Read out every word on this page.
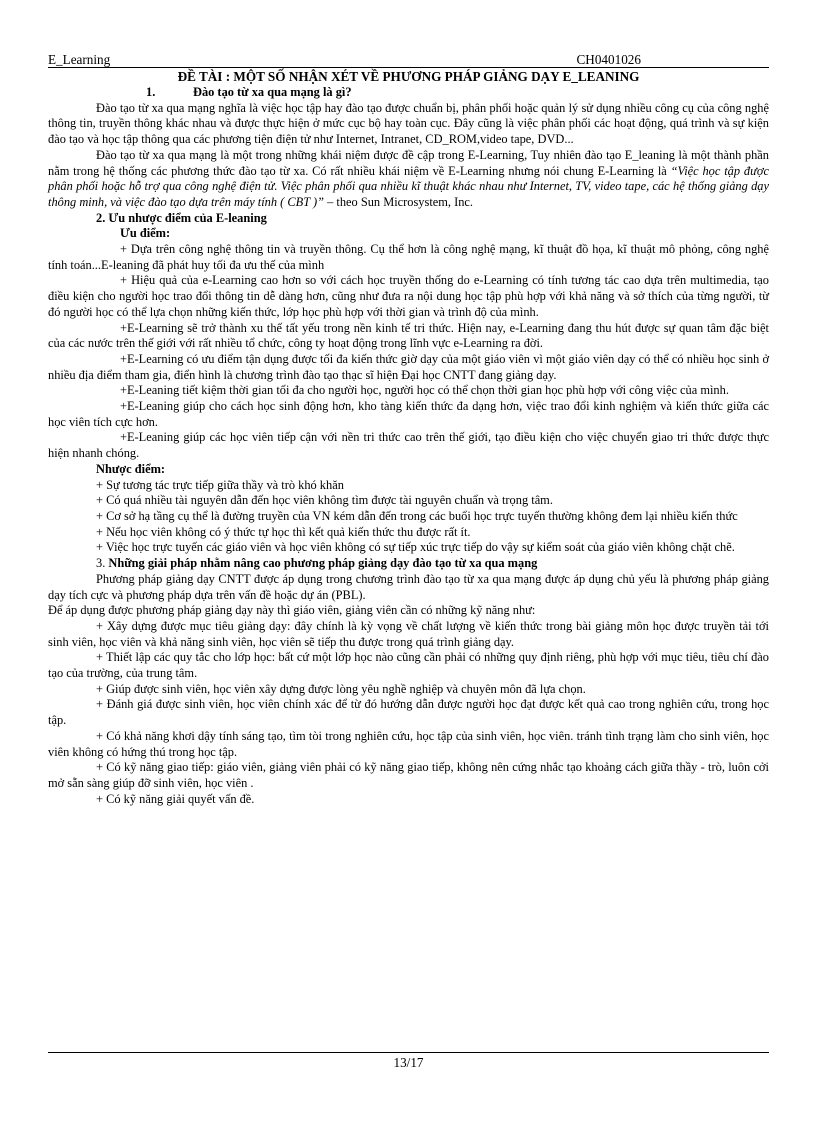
E_Learning	CH0401026
ĐỀ TÀI : MỘT SỐ NHẬN XÉT VỀ PHƯƠNG PHÁP GIẢNG DẠY E_LEANING
1.	Đào tạo từ xa qua mạng là gì?

Đào tạo từ xa qua mạng nghĩa là việc học tập hay đào tạo được chuẩn bị, phân phối hoặc quản lý sử dụng nhiều công cụ của công nghệ thông tin, truyền thông khác nhau và được thực hiện ở mức cục bộ hay toàn cục. Đây cũng là việc phân phối các hoạt động, quá trình và sự kiện đào tạo và học tập thông qua các phương tiện điện tử như Internet, Intranet, CD_ROM,video tape, DVD...

Đào tạo từ xa qua mạng là một trong những khái niệm được đề cập trong E-Learning, Tuy nhiên đào tạo E_leaning là một thành phần nằm trong hệ thống các phương thức đào tạo từ xa. Có rất nhiều khái niệm về E-Learning nhưng nói chung E-Learning là “Việc học tập được phân phối hoặc hỗ trợ qua công nghệ điện tử. Việc phân phối qua nhiều kĩ thuật khác nhau như Internet, TV, video tape, các hệ thống giảng dạy thông minh, và việc đào tạo dựa trên máy tính ( CBT )” – theo Sun Microsystem, Inc.

2. Ưu nhược điểm của E-leaning
Ưu điểm:

+ Dựa trên công nghệ thông tin và truyền thông. Cụ thể hơn là công nghệ mạng, kĩ thuật đồ họa, kĩ thuật mô phỏng, công nghệ tính toán...E-leaning đã phát huy tối đa ưu thế của mình

+ Hiệu quả của e-Learning cao hơn so với cách học truyền thống do e-Learning có tính tương tác cao dựa trên multimedia, tạo điều kiện cho người học trao đổi thông tin dễ dàng hơn, cũng như đưa ra nội dung học tập phù hợp với khả năng và sở thích của từng người, từ đó người học có thể lựa chọn những kiến thức, lớp học phù hợp với thời gian và trình độ của mình.

+E-Learning sẽ trở thành xu thế tất yếu trong nền kinh tế tri thức. Hiện nay, e-Learning đang thu hút được sự quan tâm đặc biệt của các nước trên thế giới với rất nhiều tổ chức, công ty hoạt động trong lĩnh vực e-Learning ra đời.

+E-Learning có ưu điểm tận dụng được tối đa kiến thức giờ dạy của một giáo viên vì một giáo viên dạy có thể có nhiều học sinh ở nhiều địa điểm tham gia, điển hình là chương trình đào tạo thạc sĩ hiện Đại học CNTT đang giảng dạy.

+E-Leaning tiết kiệm thời gian tối đa cho người học, người học có thể chọn thời gian học phù hợp với công việc của mình.

+E-Leaning giúp cho cách học sinh động hơn, kho tàng kiến thức đa dạng hơn, việc trao đổi kinh nghiệm và kiến thức giữa các học viên tích cực hơn.

+E-Leaning giúp các học viên tiếp cận với nền tri thức cao trên thế giới, tạo điều kiện cho việc chuyển giao tri thức được thực hiện nhanh chóng.

Nhược điểm:

+ Sự tương tác trực tiếp giữa thầy và trò khó khăn

+ Có quá nhiều tài nguyên dẫn đến học viên không tìm được tài nguyên chuẩn và trọng tâm.

+ Cơ sở hạ tầng cụ thể là đường truyền của VN kém dẫn đến trong các buổi học trực tuyến thường không đem lại nhiều kiến thức

+ Nếu học viên không có ý thức tự học thì kết quả kiến thức thu được rất ít.

+ Việc học trực tuyến các giáo viên và học viên không có sự tiếp xúc trực tiếp do vậy sự kiểm soát của giáo viên không chặt chẽ.

3. Những giải pháp nhằm nâng cao phương pháp giảng dạy đào tạo từ xa qua mạng

Phương pháp giảng dạy CNTT được áp dụng trong chương trình đào tạo từ xa qua mạng được áp dụng chủ yếu là phương pháp giảng dạy tích cực và phương pháp dựa trên vấn đề hoặc dự án (PBL).

Để áp dụng được phương pháp giảng dạy này thì giáo viên, giảng viên cần có những kỹ năng như:

+ Xây dựng được mục tiêu giảng dạy: đây chính là kỳ vọng về chất lượng về kiến thức trong bài giảng môn học được truyền tải tới sinh viên, học viên và khả năng sinh viên, học viên sẽ tiếp thu được trong quá trình giảng dạy.

+ Thiết lập các quy tắc cho lớp học: bất cứ một lớp học nào cũng cần phải có những quy định riêng, phù hợp với mục tiêu, tiêu chí đào tạo của trường, của trung tâm.

+ Giúp được sinh viên, học viên xây dựng được lòng yêu nghề nghiệp và chuyên môn đã lựa chọn.

+ Đánh giá được sinh viên, học viên chính xác để từ đó hướng dẫn được người học đạt được kết quả cao trong nghiên cứu, trong học tập.

+ Có khả năng khơi dậy tính sáng tạo, tìm tòi trong nghiên cứu, học tập của sinh viên, học viên. tránh tình trạng làm cho sinh viên, học viên không có hứng thú trong học tập.

+ Có kỹ năng giao tiếp: giáo viên, giảng viên phải có kỹ năng giao tiếp, không nên cứng nhắc tạo khoảng cách giữa thầy - trò, luôn cởi mở sẵn sàng giúp đỡ sinh viên, học viên .

+ Có kỹ năng giải quyết vấn đề.

13/17
